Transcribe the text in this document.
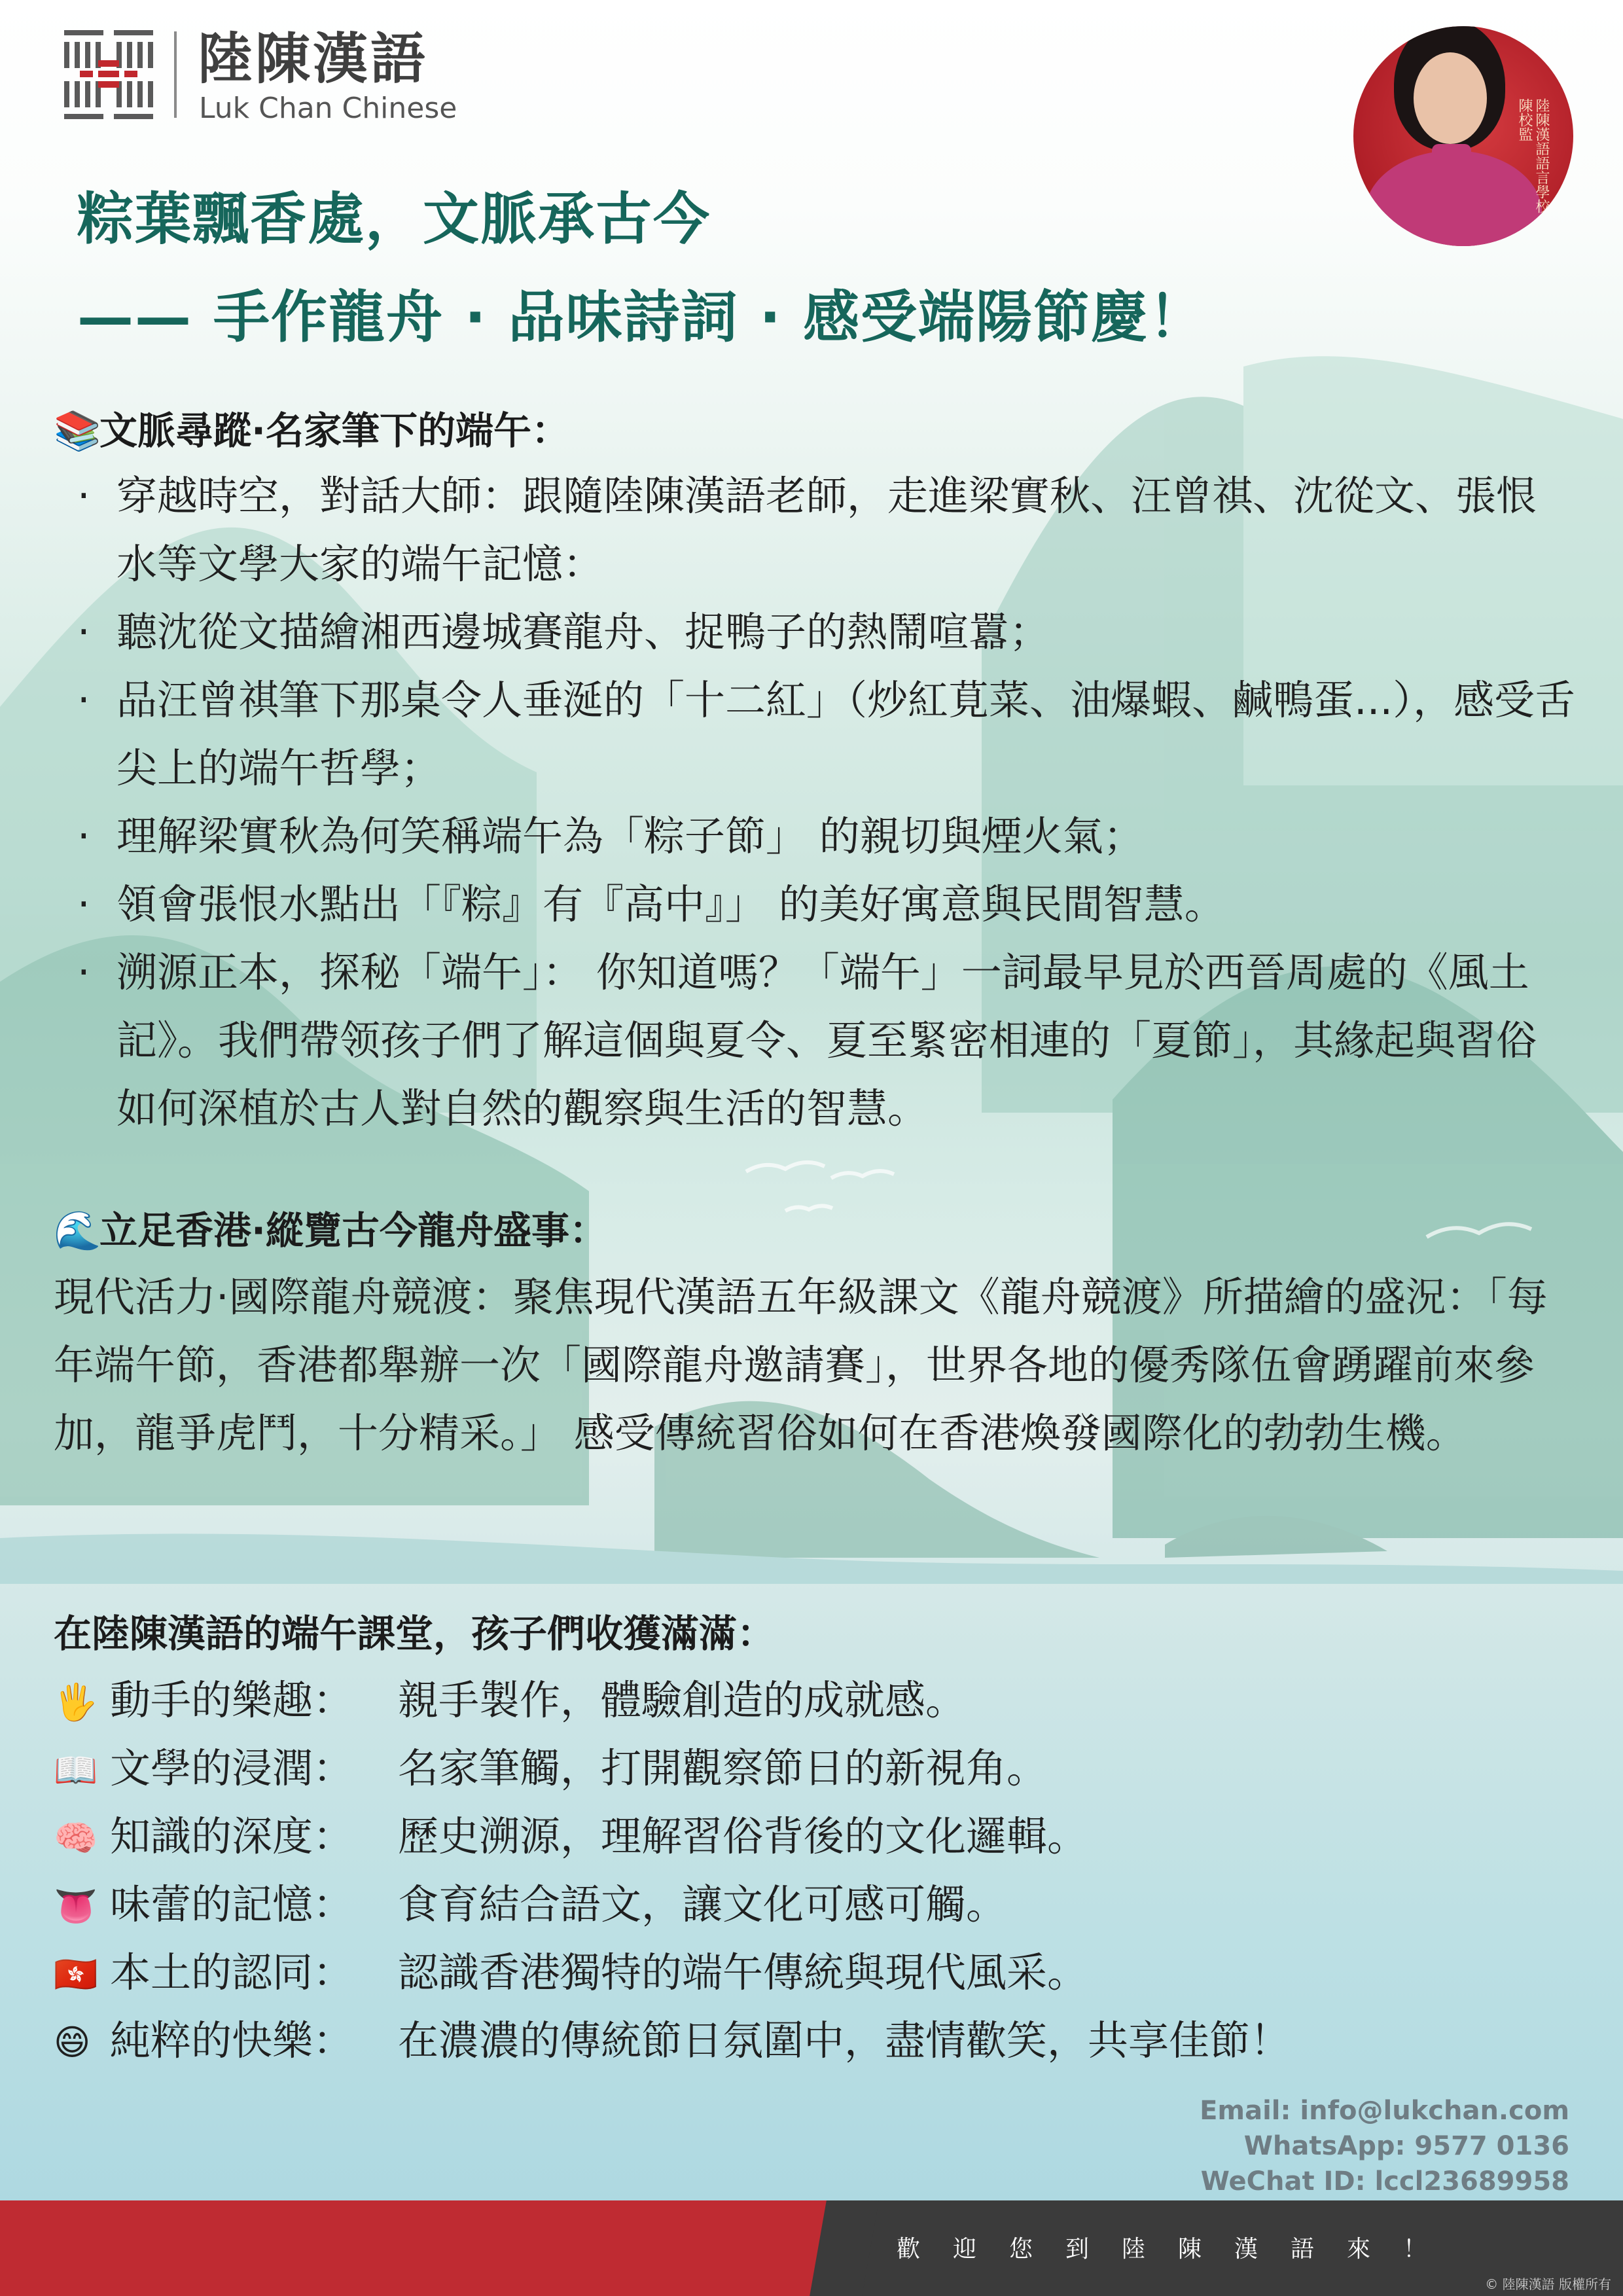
陸陳漢語
Luk Chan Chinese	陸陳漢語語言學校 陸陳校監
粽葉飄香處，文脈承古今
—— 手作龍舟 · 品味詩詞 · 感受端陽節慶！
📚文脈尋蹤·名家筆下的端午：
· 穿越時空，對話大師：跟隨陸陳漢語老師，走進梁實秋、汪曾祺、沈從文、張恨水等文學大家的端午記憶：
· 聽沈從文描繪湘西邊城賽龍舟、捉鴨子的熱鬧喧囂；
· 品汪曾祺筆下那桌令人垂涎的「十二紅」（炒紅莧菜、油爆蝦、鹹鴨蛋...），感受舌尖上的端午哲學；
· 理解梁實秋為何笑稱端午為「粽子節」 的親切與煙火氣；
· 領會張恨水點出「『粽』有『高中』」 的美好寓意與民間智慧。
· 溯源正本，探秘「端午」： 你知道嗎？「端午」一詞最早見於西晉周處的《風土記》。我們帶领孩子們了解這個與夏令、夏至緊密相連的「夏節」，其緣起與習俗如何深植於古人對自然的觀察與生活的智慧。
🌊立足香港·縱覽古今龍舟盛事：
現代活力·國際龍舟競渡：聚焦現代漢語五年級課文《龍舟競渡》所描繪的盛況：「每年端午節，香港都舉辦一次「國際龍舟邀請賽」，世界各地的優秀隊伍會踴躍前來參加，龍爭虎鬥，十分精采。」 感受傳統習俗如何在香港煥發國際化的勃勃生機。
在陸陳漢語的端午課堂，孩子們收獲滿滿：
🖐 動手的樂趣： 親手製作，體驗創造的成就感。
📖 文學的浸潤： 名家筆觸，打開觀察節日的新視角。
🧠 知識的深度： 歷史溯源，理解習俗背後的文化邏輯。
👅 味蕾的記憶： 食育結合語文，讓文化可感可觸。
🇭🇰 本土的認同： 認識香港獨特的端午傳統與現代風采。
😄 純粹的快樂： 在濃濃的傳統節日氛圍中，盡情歡笑，共享佳節！
Email: info@lukchan.com
WhatsApp: 9577 0136
WeChat ID: lccl23689958
歡迎您到陸陳漢語來！
© 陸陳漢語 版權所有
